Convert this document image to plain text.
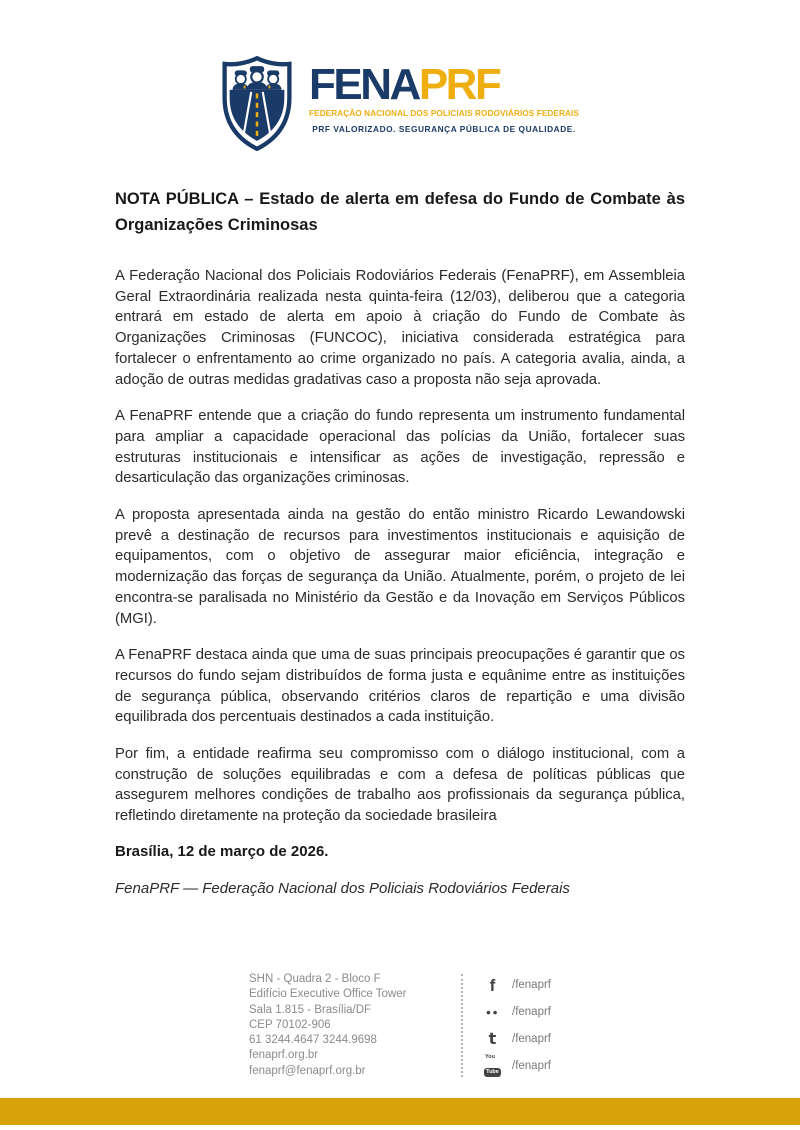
FENAPRF
FEDERAÇÃO NACIONAL DOS POLICIAIS RODOVIÁRIOS FEDERAIS
PRF VALORIZADO. SEGURANÇA PÚBLICA DE QUALIDADE.
NOTA PÚBLICA – Estado de alerta em defesa do Fundo de Combate às Organizações Criminosas

A Federação Nacional dos Policiais Rodoviários Federais (FenaPRF), em Assembleia Geral Extraordinária realizada nesta quinta-feira (12/03), deliberou que a categoria entrará em estado de alerta em apoio à criação do Fundo de Combate às Organizações Criminosas (FUNCOC), iniciativa considerada estratégica para fortalecer o enfrentamento ao crime organizado no país. A categoria avalia, ainda, a adoção de outras medidas gradativas caso a proposta não seja aprovada.

A FenaPRF entende que a criação do fundo representa um instrumento fundamental para ampliar a capacidade operacional das polícias da União, fortalecer suas estruturas institucionais e intensificar as ações de investigação, repressão e desarticulação das organizações criminosas.

A proposta apresentada ainda na gestão do então ministro Ricardo Lewandowski prevê a destinação de recursos para investimentos institucionais e aquisição de equipamentos, com o objetivo de assegurar maior eficiência, integração e modernização das forças de segurança da União. Atualmente, porém, o projeto de lei encontra-se paralisada no Ministério da Gestão e da Inovação em Serviços Públicos (MGI).

A FenaPRF destaca ainda que uma de suas principais preocupações é garantir que os recursos do fundo sejam distribuídos de forma justa e equânime entre as instituições de segurança pública, observando critérios claros de repartição e uma divisão equilibrada dos percentuais destinados a cada instituição.

Por fim, a entidade reafirma seu compromisso com o diálogo institucional, com a construção de soluções equilibradas e com a defesa de políticas públicas que assegurem melhores condições de trabalho aos profissionais da segurança pública, refletindo diretamente na proteção da sociedade brasileira

Brasília, 12 de março de 2026.

FenaPRF — Federação Nacional dos Policiais Rodoviários Federais

SHN - Quadra 2 - Bloco F
Edifício Executive Office Tower
Sala 1.815 - Brasília/DF
CEP 70102-906
61 3244.4647 3244.9698
fenaprf.org.br
fenaprf@fenaprf.org.br
f	/fenaprf
●● /fenaprf
t	/fenaprf
You
Tube /fenaprf
